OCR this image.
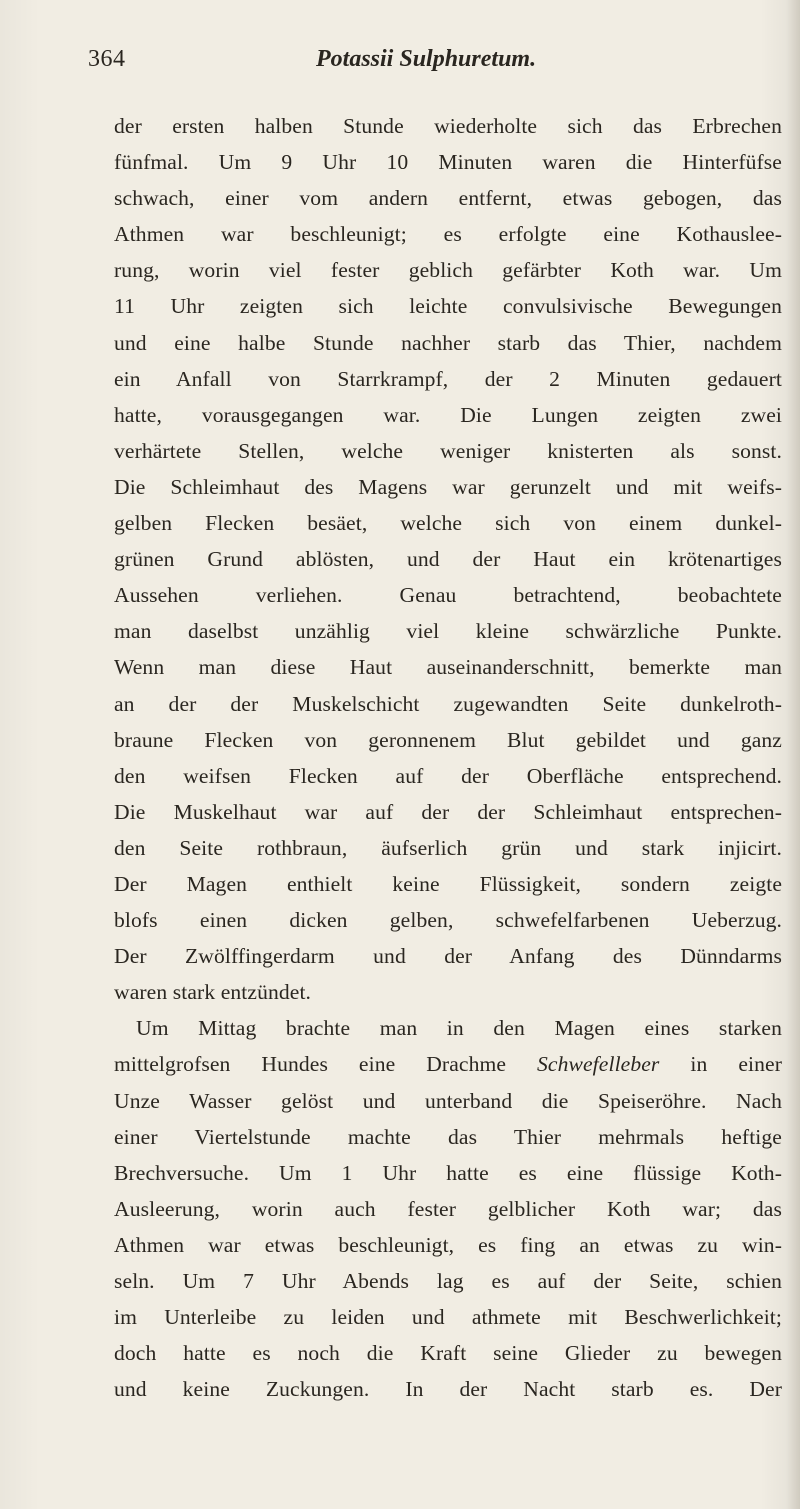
364	Potassii Sulphuretum.
der ersten halben Stunde wiederholte sich das Erbrechen
fünfmal. Um 9 Uhr 10 Minuten waren die Hinterfüfse
schwach, einer vom andern entfernt, etwas gebogen, das
Athmen war beschleunigt; es erfolgte eine Kothauslee-
rung, worin viel fester geblich gefärbter Koth war. Um
11 Uhr zeigten sich leichte convulsivische Bewegungen
und eine halbe Stunde nachher starb das Thier, nachdem
ein Anfall von Starrkrampf, der 2 Minuten gedauert
hatte, vorausgegangen war. Die Lungen zeigten zwei
verhärtete Stellen, welche weniger knisterten als sonst.
Die Schleimhaut des Magens war gerunzelt und mit weifs-
gelben Flecken besäet, welche sich von einem dunkel-
grünen Grund ablösten, und der Haut ein krötenartiges
Aussehen verliehen. Genau betrachtend, beobachtete
man daselbst unzählig viel kleine schwärzliche Punkte.
Wenn man diese Haut auseinanderschnitt, bemerkte man
an der der Muskelschicht zugewandten Seite dunkelroth-
braune Flecken von geronnenem Blut gebildet und ganz
den weifsen Flecken auf der Oberfläche entsprechend.
Die Muskelhaut war auf der der Schleimhaut entsprechen-
den Seite rothbraun, äufserlich grün und stark injicirt.
Der Magen enthielt keine Flüssigkeit, sondern zeigte
blofs einen dicken gelben, schwefelfarbenen Ueberzug.
Der Zwölffingerdarm und der Anfang des Dünndarms
waren stark entzündet.
Um Mittag brachte man in den Magen eines starken
mittelgrofsen Hundes eine Drachme Schwefelleber in einer
Unze Wasser gelöst und unterband die Speiseröhre. Nach
einer Viertelstunde machte das Thier mehrmals heftige
Brechversuche. Um 1 Uhr hatte es eine flüssige Koth-
Ausleerung, worin auch fester gelblicher Koth war; das
Athmen war etwas beschleunigt, es fing an etwas zu win-
seln. Um 7 Uhr Abends lag es auf der Seite, schien
im Unterleibe zu leiden und athmete mit Beschwerlichkeit;
doch hatte es noch die Kraft seine Glieder zu bewegen
und keine Zuckungen. In der Nacht starb es. Der
